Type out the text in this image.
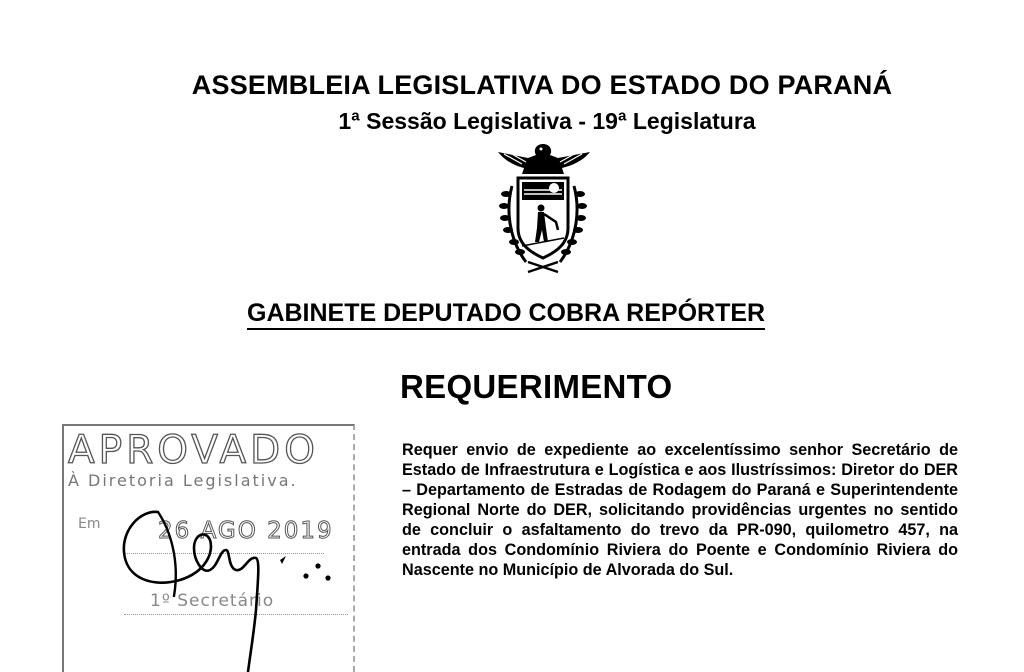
ASSEMBLEIA LEGISLATIVA DO ESTADO DO PARANÁ
1ª Sessão Legislativa - 19ª Legislatura
GABINETE DEPUTADO COBRA REPÓRTER
REQUERIMENTO
Requer envio de expediente ao excelentíssimo senhor Secretário de Estado de Infraestrutura e Logística e aos Ilustríssimos: Diretor do DER – Departamento de Estradas de Rodagem do Paraná e Superintendente Regional Norte do DER, solicitando providências urgentes no sentido de concluir o asfaltamento do trevo da PR-090, quilometro 457, na entrada dos Condomínio Riviera do Poente e Condomínio Riviera do Nascente no Município de Alvorada do Sul.
APROVADO
À Diretoria Legislativa.
Em	26 AGO 2019
1º Secretário
